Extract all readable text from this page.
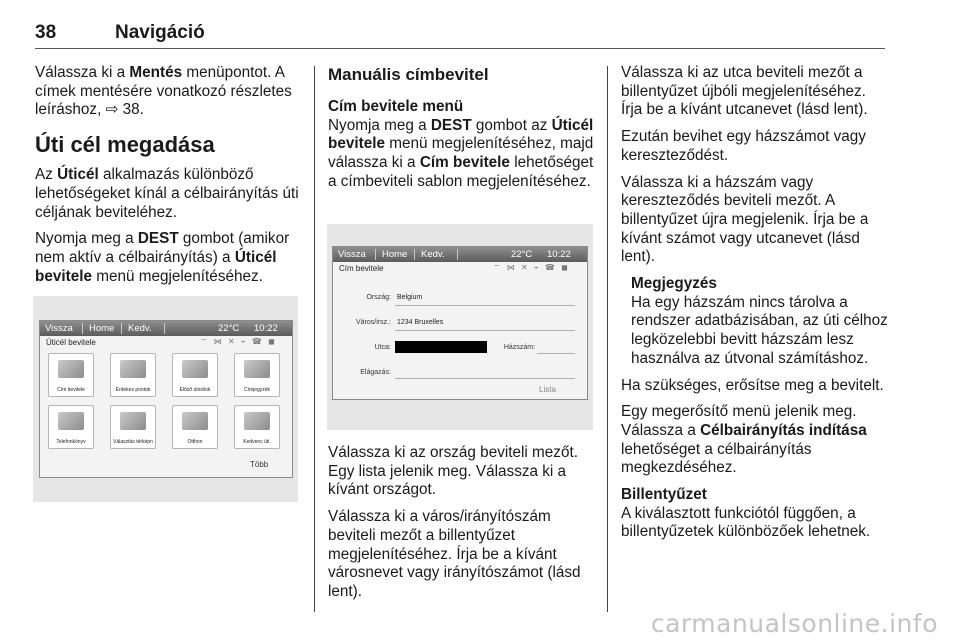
38	Navigáció

Válassza ki a Mentés menüpontot. A címek mentésére vonatkozó részletes leíráshoz, ⇨ 38.

Úti cél megadása

Az Úticél alkalmazás különböző lehetőségeket kínál a célbairányítás úti céljának beviteléhez.

Nyomja meg a DEST gombot (amikor nem aktív a célbairányítás) a Úticél bevitele menü megjelenítéséhez.

Vissza Home Kedv.	22°C 10:22
Úticél bevitele	⌔ ⋈ ✕ ⌁ ☎ ◼
Cím bevitele	Érdekes pontok	Előző úticélok	Címjegyzék
Telefonkönyv	Választás térképn	Otthon	Kedvenc úti.
Több
Manuális címbevitel
Cím bevitele menü

Nyomja meg a DEST gombot az Úticél bevitele menü megjelenítéséhez, majd válassza ki a Cím bevitele lehetőséget a címbeviteli sablon megjelenítéséhez.

Vissza Home Kedv.	22°C 10:22
Cím bevitele	⌔ ⋈ ✕ ⌁ ☎ ◼
Ország: Belgium
Város/irsz.: 1234 Bruxelles
Utca:	Házszám:
Elágazás:
Lista

Válassza ki az ország beviteli mezőt. Egy lista jelenik meg. Válassza ki a kívánt országot.

Válassza ki a város/irányítószám beviteli mezőt a billentyűzet megjelenítéséhez. Írja be a kívánt városnevet vagy irányítószámot (lásd lent).

Válassza ki az utca beviteli mezőt a billentyűzet újbóli megjelenítéséhez. Írja be a kívánt utcanevet (lásd lent).

Ezután bevihet egy házszámot vagy kereszteződést.

Válassza ki a házszám vagy kereszteződés beviteli mezőt. A billentyűzet újra megjelenik. Írja be a kívánt számot vagy utcanevet (lásd lent).

Megjegyzés

Ha egy házszám nincs tárolva a rendszer adatbázisában, az úti célhoz legközelebbi bevitt házszám lesz használva az útvonal számításhoz.

Ha szükséges, erősítse meg a bevitelt.

Egy megerősítő menü jelenik meg. Válassza a Célbairányítás indítása lehetőséget a célbairányítás megkezdéséhez.

Billentyűzet

A kiválasztott funkciótól függően, a billentyűzetek különbözőek lehetnek.

carmanualsonline.info
